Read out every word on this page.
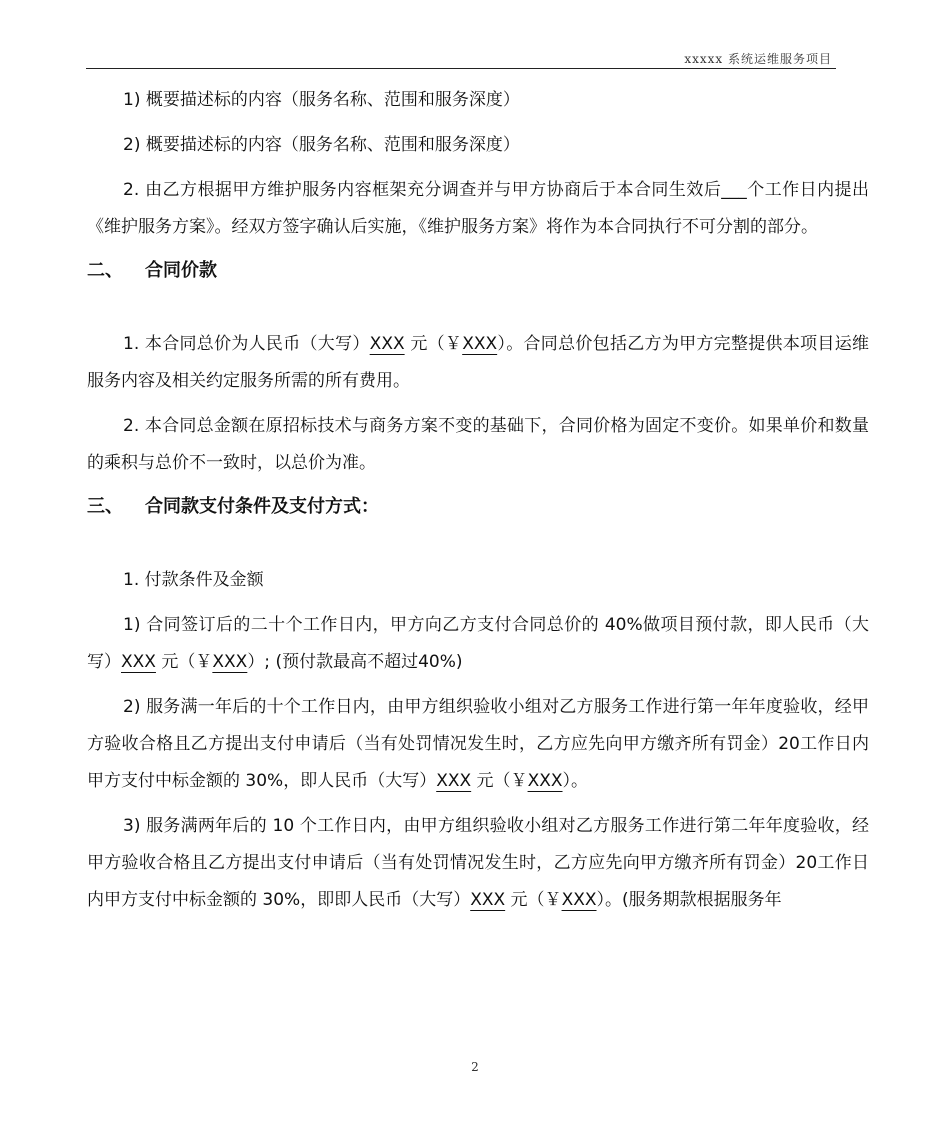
xxxxx 系统运维服务项目

1) 概要描述标的内容（服务名称、范围和服务深度）

2) 概要描述标的内容（服务名称、范围和服务深度）

2. 由乙方根据甲方维护服务内容框架充分调查并与甲方协商后于本合同生效后___个工作日内提出《维护服务方案》。经双方签字确认后实施，《维护服务方案》将作为本合同执行不可分割的部分。

二、	合同价款

1. 本合同总价为人民币（大写）XXX 元（￥XXX）。合同总价包括乙方为甲方完整提供本项目运维服务内容及相关约定服务所需的所有费用。

2. 本合同总金额在原招标技术与商务方案不变的基础下，合同价格为固定不变价。如果单价和数量的乘积与总价不一致时，以总价为准。

三、	合同款支付条件及支付方式：

1. 付款条件及金额

1) 合同签订后的二十个工作日内，甲方向乙方支付合同总价的 40%做项目预付款，即人民币（大写）XXX 元（￥XXX）; (预付款最高不超过40%)

2) 服务满一年后的十个工作日内，由甲方组织验收小组对乙方服务工作进行第一年年度验收，经甲方验收合格且乙方提出支付申请后（当有处罚情况发生时，乙方应先向甲方缴齐所有罚金）20工作日内甲方支付中标金额的 30%，即人民币（大写）XXX 元（￥XXX）。

3) 服务满两年后的 10 个工作日内，由甲方组织验收小组对乙方服务工作进行第二年年度验收，经甲方验收合格且乙方提出支付申请后（当有处罚情况发生时，乙方应先向甲方缴齐所有罚金）20工作日内甲方支付中标金额的 30%，即即人民币（大写）XXX 元（￥XXX）。(服务期款根据服务年

2
